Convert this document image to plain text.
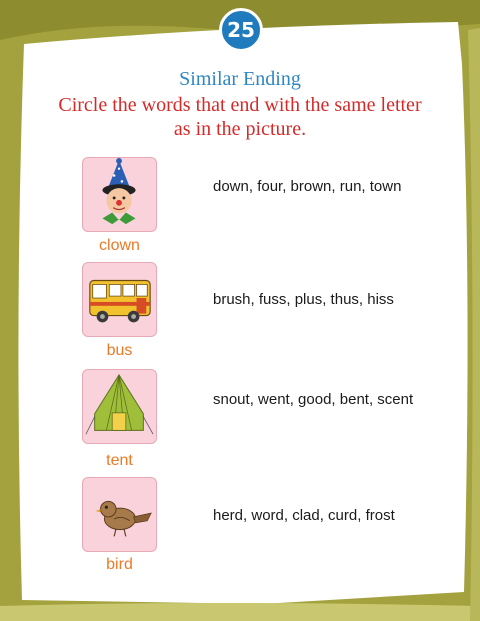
25
Similar Ending
Circle the words that end with the same letter as in the picture.
clown
down, four, brown, run, town
bus
brush, fuss, plus, thus, hiss
tent
snout, went, good, bent, scent
bird
herd, word, clad, curd, frost
